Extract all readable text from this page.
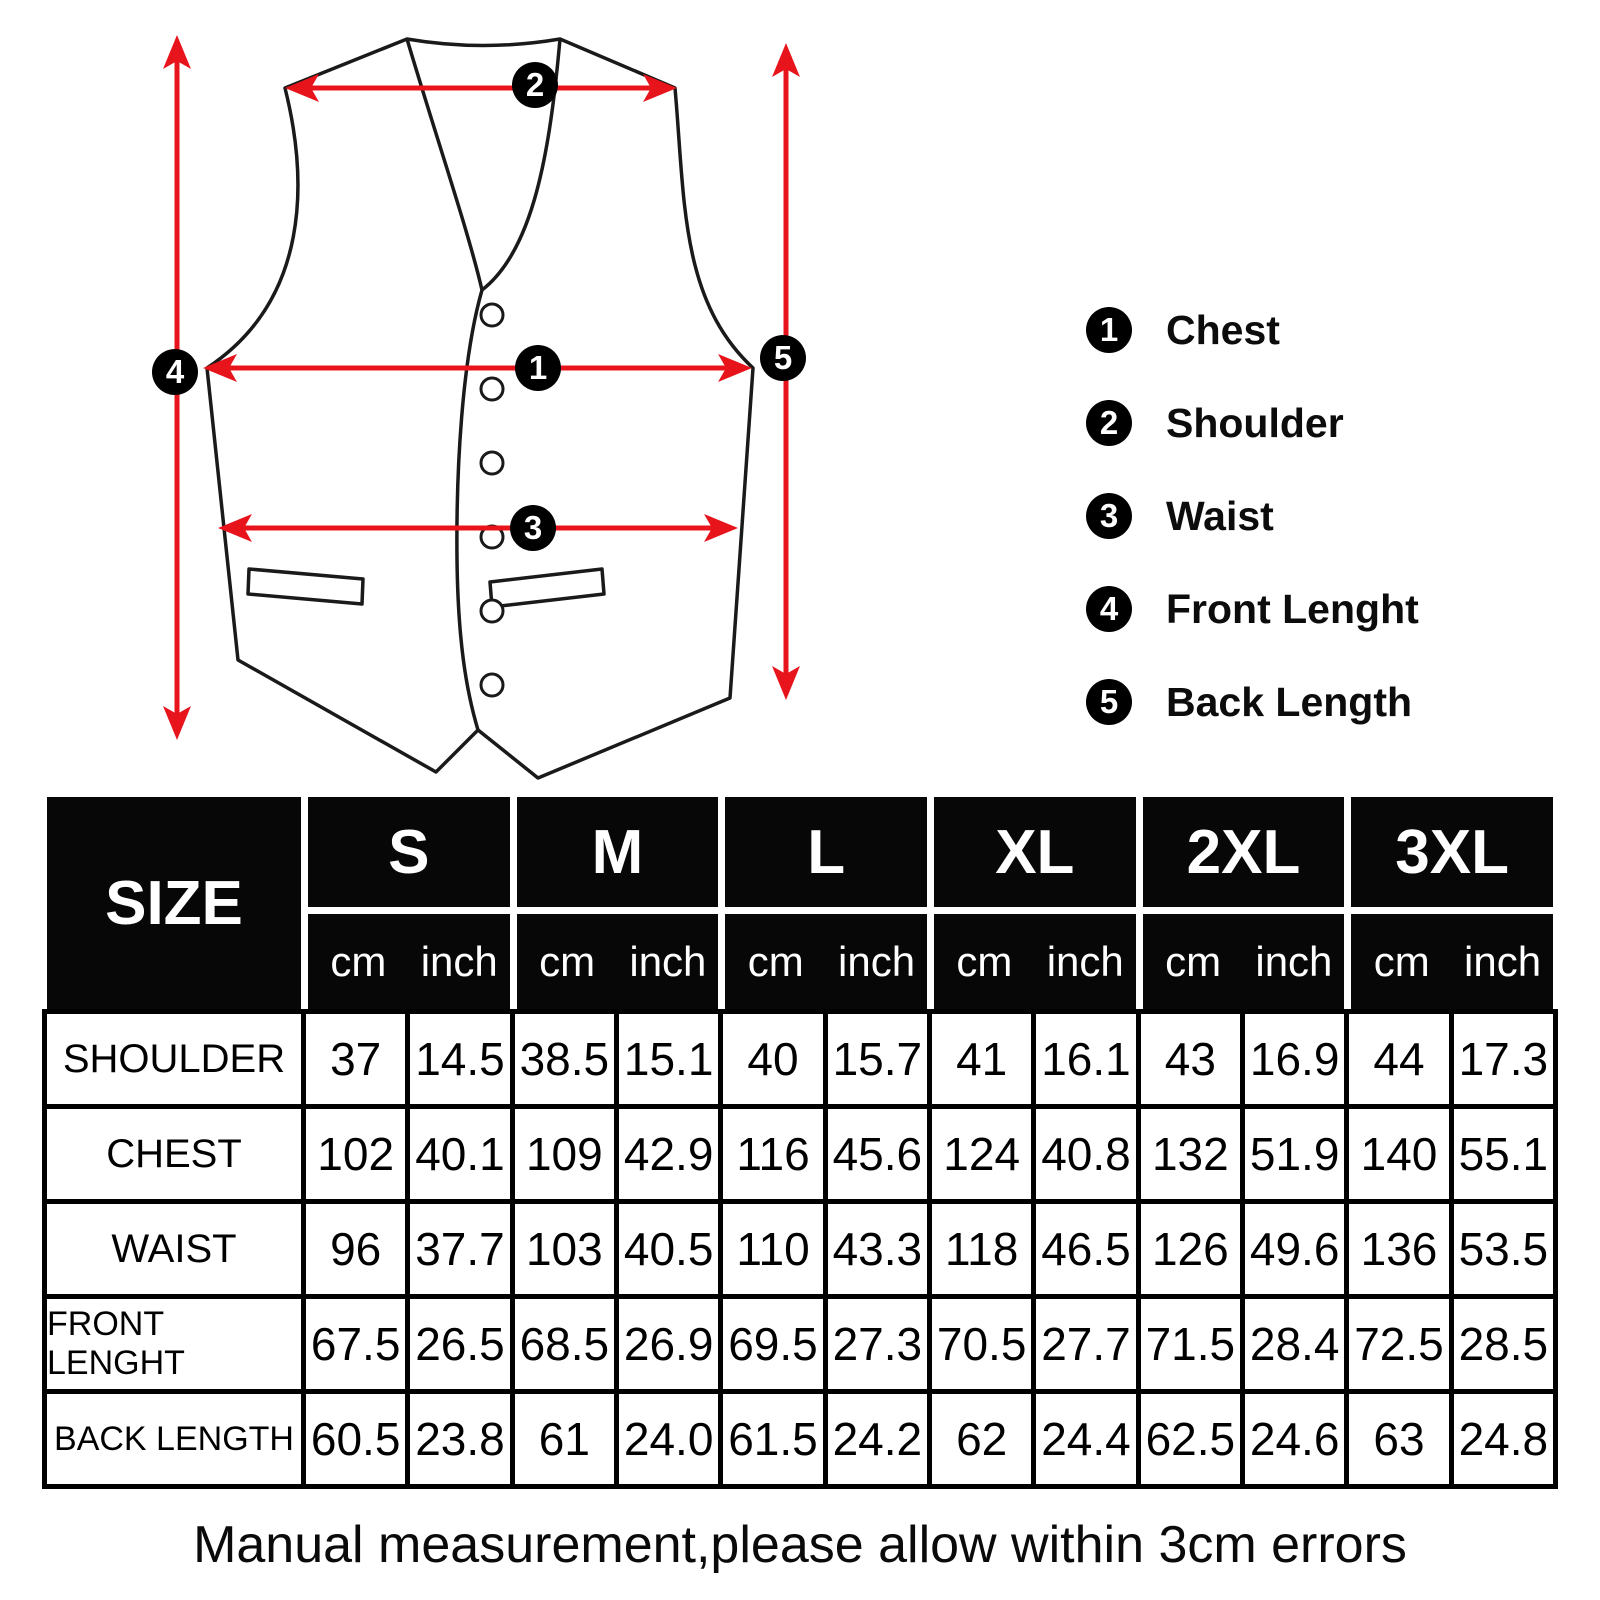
1
2
3
4	5
1	Chest
2	Shoulder
3	Waist
4	Front Lenght
5	Back Length
SIZE
S	M	L	XL	2XL	3XL
cm inch cm inch cm inch cm inch cm inch cm inch
SHOULDER 37 14.5 38.5 15.1 40 15.7 41 16.1 43 16.9 44 17.3
CHEST	102 40.1 109 42.9 116 45.6 124 40.8 132 51.9 140 55.1
WAIST	96 37.7 103 40.5 110 43.3 118 46.5 126 49.6 136 53.5
FRONT LENGHT	67.5 26.5 68.5 26.9 69.5 27.3 70.5 27.7 71.5 28.4 72.5 28.5
BACK LENGTH 60.5 23.8 61 24.0 61.5 24.2 62 24.4 62.5 24.6 63 24.8
Manual measurement,please allow within 3cm errors
